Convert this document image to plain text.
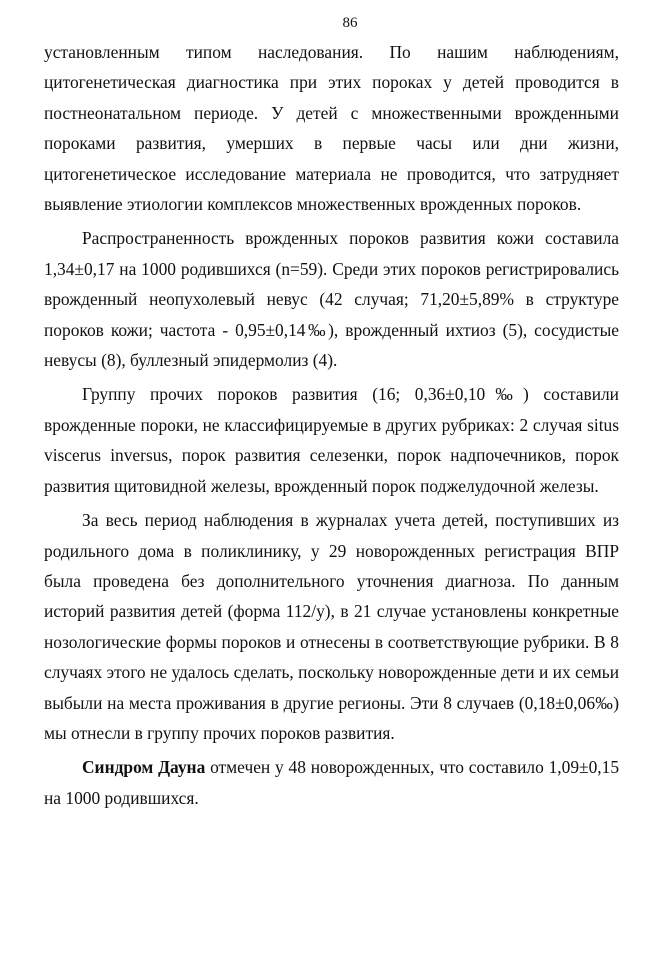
86

установленным типом наследования. По нашим наблюдениям, цитогенетическая диагностика при этих пороках у детей проводится в постнеонатальном периоде. У детей с множественными врожденными пороками развития, умерших в первые часы или дни жизни, цитогенетическое исследование материала не проводится, что затрудняет выявление этиологии комплексов множественных врожденных пороков.

Распространенность врожденных пороков развития кожи составила 1,34±0,17 на 1000 родившихся (n=59). Среди этих пороков регистрировались врожденный неопухолевый невус (42 случая; 71,20±5,89% в структуре пороков кожи; частота - 0,95±0,14‰), врожденный ихтиоз (5), сосудистые невусы (8), буллезный эпидермолиз (4).

Группу прочих пороков развития (16; 0,36±0,10‰) составили врожденные пороки, не классифицируемые в других рубриках: 2 случая situs viscerus inversus, порок развития селезенки, порок надпочечников, порок развития щитовидной железы, врожденный порок поджелудочной железы.

За весь период наблюдения в журналах учета детей, поступивших из родильного дома в поликлинику, у 29 новорожденных регистрация ВПР была проведена без дополнительного уточнения диагноза. По данным историй развития детей (форма 112/у), в 21 случае установлены конкретные нозологические формы пороков и отнесены в соответствующие рубрики. В 8 случаях этого не удалось сделать, поскольку новорожденные дети и их семьи выбыли на места проживания в другие регионы. Эти 8 случаев (0,18±0,06‰) мы отнесли в группу прочих пороков развития.

Синдром Дауна отмечен у 48 новорожденных, что составило 1,09±0,15 на 1000 родившихся.
